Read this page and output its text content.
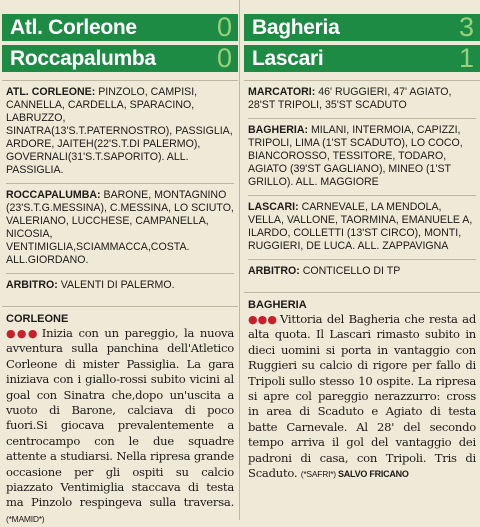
Atl. Corleone	0
Roccapalumba 0
ATL. CORLEONE: PINZOLO, CAMPISI, CANNELLA, CARDELLA, SPARACINO, LABRUZZO, SINATRA(13'S.T.PATERNOSTRO), PASSIGLIA, ARDORE, JAITEH(22'S.T.DI PALERMO), GOVERNALI(31'S.T.SAPORITO). ALL. PASSIGLIA.
ROCCAPALUMBA: BARONE, MONTAGNINO (23'S.T.G.MESSINA), C.MESSINA, LO SCIUTO, VALERIANO, LUCCHESE, CAMPANELLA, NICOSIA, VENTIMIGLIA,SCIAMMACCA,COSTA. ALL.GIORDANO.
ARBITRO: VALENTI DI PALERMO.
CORLEONE
●●● Inizia con un pareggio, la nuova avventura sulla panchina dell'Atletico Corleone di mister Passiglia. La gara iniziava con i giallo-rossi subito vicini al goal con Sinatra che,dopo un'uscita a vuoto di Barone, calciava di poco fuori.Si giocava prevalentemente a centrocampo con le due squadre attente a studiarsi. Nella ripresa grande occasione per gli ospiti su calcio piazzato Ventimiglia staccava di testa ma Pinzolo respingeva sulla traversa. (*MAMID*)
Bagheria	3
Lascari	1
MARCATORI: 46' RUGGIERI, 47' AGIATO, 28'ST TRIPOLI, 35'ST SCADUTO
BAGHERIA: MILANI, INTERMOIA, CAPIZZI, TRIPOLI, LIMA (1'ST SCADUTO), LO COCO, BIANCOROSSO, TESSITORE, TODARO, AGIATO (39'ST GAGLIANO), MINEO (1'ST GRILLO). ALL. MAGGIORE
LASCARI: CARNEVALE, LA MENDOLA, VELLA, VALLONE, TAORMINA, EMANUELE A, ILARDO, COLLETTI (13'ST CIRCO), MONTI, RUGGIERI, DE LUCA. ALL. ZAPPAVIGNA
ARBITRO: CONTICELLO DI TP
BAGHERIA
●●● Vittoria del Bagheria che resta ad alta quota. Il Lascari rimasto subito in dieci uomini si porta in vantaggio con Ruggieri su calcio di rigore per fallo di Tripoli sullo stesso 10 ospite. La ripresa si apre col pareggio nerazzurro: cross in area di Scaduto e Agiato di testa batte Carnevale. Al 28' del secondo tempo arriva il gol del vantaggio dei padroni di casa, con Tripoli. Tris di Scaduto. (*SAFRI*) SALVO FRICANO
